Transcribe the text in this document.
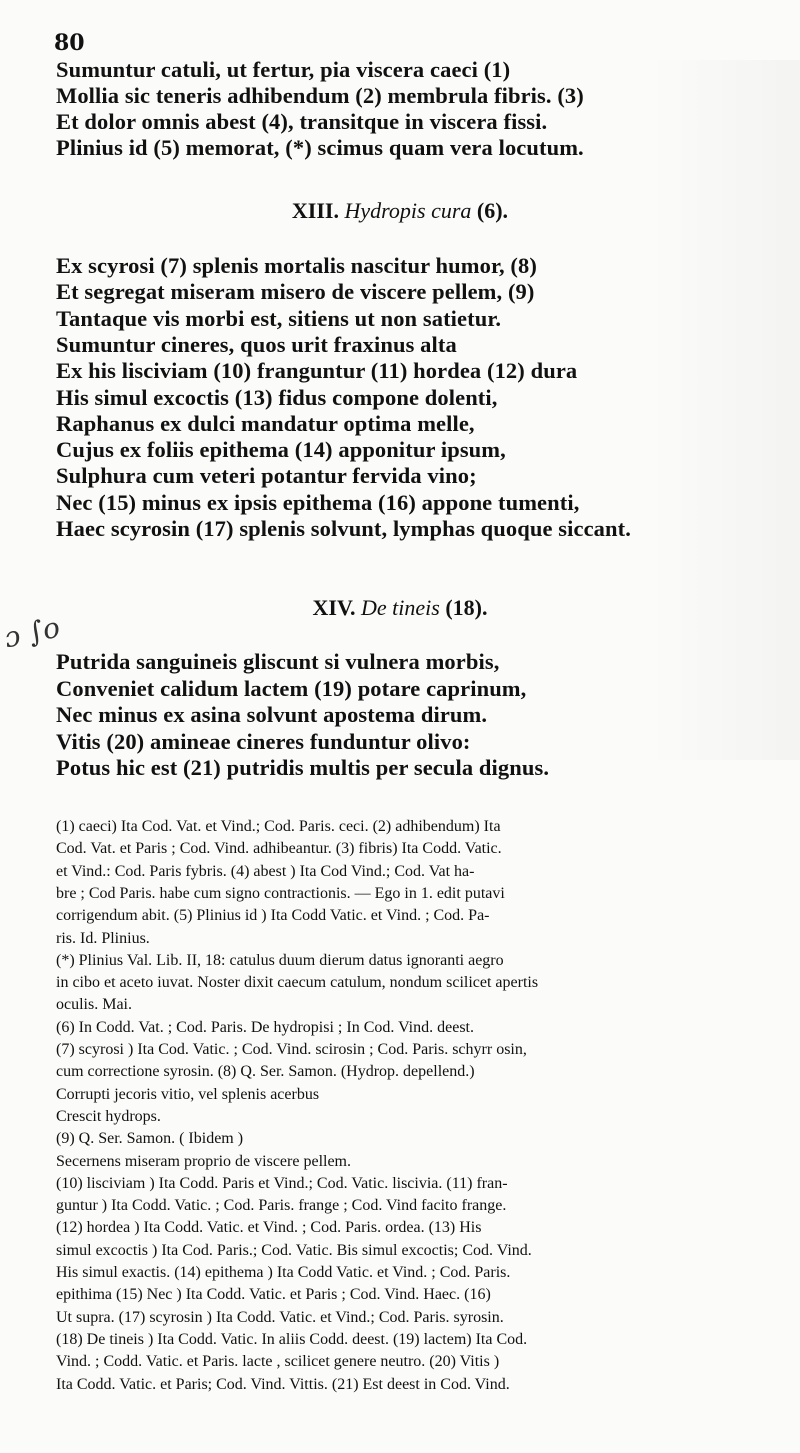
80
Sumuntur catuli, ut fertur, pia viscera caeci (1)
Mollia sic teneris adhibendum (2) membrula fibris. (3)
Et dolor omnis abest (4), transitque in viscera fissi.
Plinius id (5) memorat, (*) scimus quam vera locutum.
XIII. Hydropis cura (6).
Ex scyrosi (7) splenis mortalis nascitur humor, (8)
Et segregat miseram misero de viscere pellem, (9)
Tantaque vis morbi est, sitiens ut non satietur.
Sumuntur cineres, quos urit fraxinus alta
Ex his lisciviam (10) franguntur (11) hordea (12) dura
His simul excoctis (13) fidus compone dolenti,
Raphanus ex dulci mandatur optima melle,
Cujus ex foliis epithema (14) apponitur ipsum,
Sulphura cum veteri potantur fervida vino;
Nec (15) minus ex ipsis epithema (16) appone tumenti,
Haec scyrosin (17) splenis solvunt, lymphas quoque siccant.
XIV. De tineis (18).
ɔ ∫o
Putrida sanguineis gliscunt si vulnera morbis,
Conveniet calidum lactem (19) potare caprinum,
Nec minus ex asina solvunt apostema dirum.
Vitis (20) amineae cineres funduntur olivo:
Potus hic est (21) putridis multis per secula dignus.
(1) caeci) Ita Cod. Vat. et Vind.; Cod. Paris. ceci. (2) adhibendum) Ita
Cod. Vat. et Paris ; Cod. Vind. adhibeantur. (3) fibris) Ita Codd. Vatic.
et Vind.: Cod. Paris fybris. (4) abest ) Ita Cod Vind.; Cod. Vat ha-
bre ; Cod Paris. habe cum signo contractionis. — Ego in 1. edit putavi
corrigendum abit. (5) Plinius id ) Ita Codd Vatic. et Vind. ; Cod. Pa-
ris. Id. Plinius.
(*) Plinius Val. Lib. II, 18: catulus duum dierum datus ignoranti aegro
in cibo et aceto iuvat. Noster dixit caecum catulum, nondum scilicet apertis
oculis. Mai.
(6) In Codd. Vat. ; Cod. Paris. De hydropisi ; In Cod. Vind. deest.
(7) scyrosi ) Ita Cod. Vatic. ; Cod. Vind. scirosin ; Cod. Paris. schyrr osin,
cum correctione syrosin. (8) Q. Ser. Samon. (Hydrop. depellend.)
Corrupti jecoris vitio, vel splenis acerbus
Crescit hydrops.
(9) Q. Ser. Samon. ( Ibidem )
Secernens miseram proprio de viscere pellem.
(10) lisciviam ) Ita Codd. Paris et Vind.; Cod. Vatic. liscivia. (11) fran-
guntur ) Ita Codd. Vatic. ; Cod. Paris. frange ; Cod. Vind facito frange.
(12) hordea ) Ita Codd. Vatic. et Vind. ; Cod. Paris. ordea. (13) His
simul excoctis ) Ita Cod. Paris.; Cod. Vatic. Bis simul excoctis; Cod. Vind.
His simul exactis. (14) epithema ) Ita Codd Vatic. et Vind. ; Cod. Paris.
epithima (15) Nec ) Ita Codd. Vatic. et Paris ; Cod. Vind. Haec. (16)
Ut supra. (17) scyrosin ) Ita Codd. Vatic. et Vind.; Cod. Paris. syrosin.
(18) De tineis ) Ita Codd. Vatic. In aliis Codd. deest. (19) lactem) Ita Cod.
Vind. ; Codd. Vatic. et Paris. lacte , scilicet genere neutro. (20) Vitis )
Ita Codd. Vatic. et Paris; Cod. Vind. Vittis. (21) Est deest in Cod. Vind.
